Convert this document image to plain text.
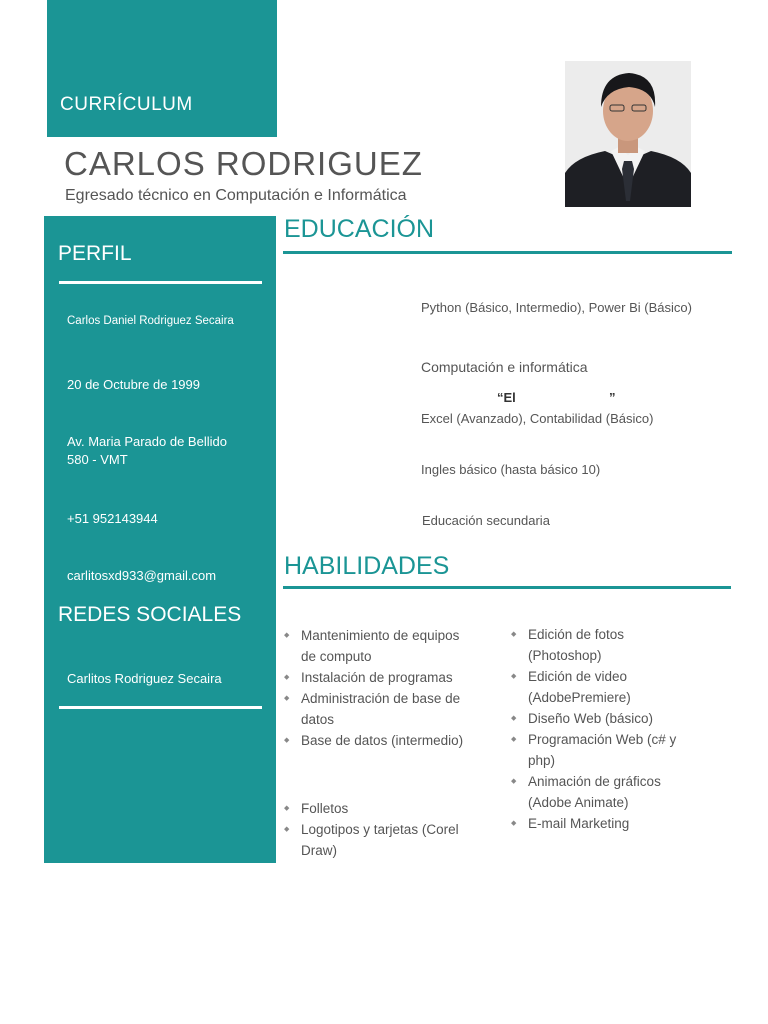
CURRÍCULUM
CARLOS RODRIGUEZ
Egresado técnico en Computación e Informática
PERFIL
Carlos Daniel Rodriguez Secaira
20 de Octubre de 1999
Av. Maria Parado de Bellido
580 - VMT
+51 952143944
carlitosxd933@gmail.com
REDES SOCIALES
Carlitos Rodriguez Secaira
EDUCACIÓN
Python (Básico, Intermedio), Power Bi (Básico)
Computación e informática
“El	”
Excel (Avanzado), Contabilidad (Básico)
Ingles básico (hasta básico 10)
Educación secundaria
HABILIDADES
◆ Mantenimiento de equipos de computo
◆ Instalación de programas
◆ Administración de base de datos
◆ Base de datos (intermedio)
◆ Folletos
◆ Logotipos y tarjetas (Corel Draw)
◆ Edición de fotos (Photoshop)
◆ Edición de video (AdobePremiere)
◆ Diseño Web (básico)
◆ Programación Web (c# y php)
◆ Animación de gráficos (Adobe Animate)
◆ E-mail Marketing
